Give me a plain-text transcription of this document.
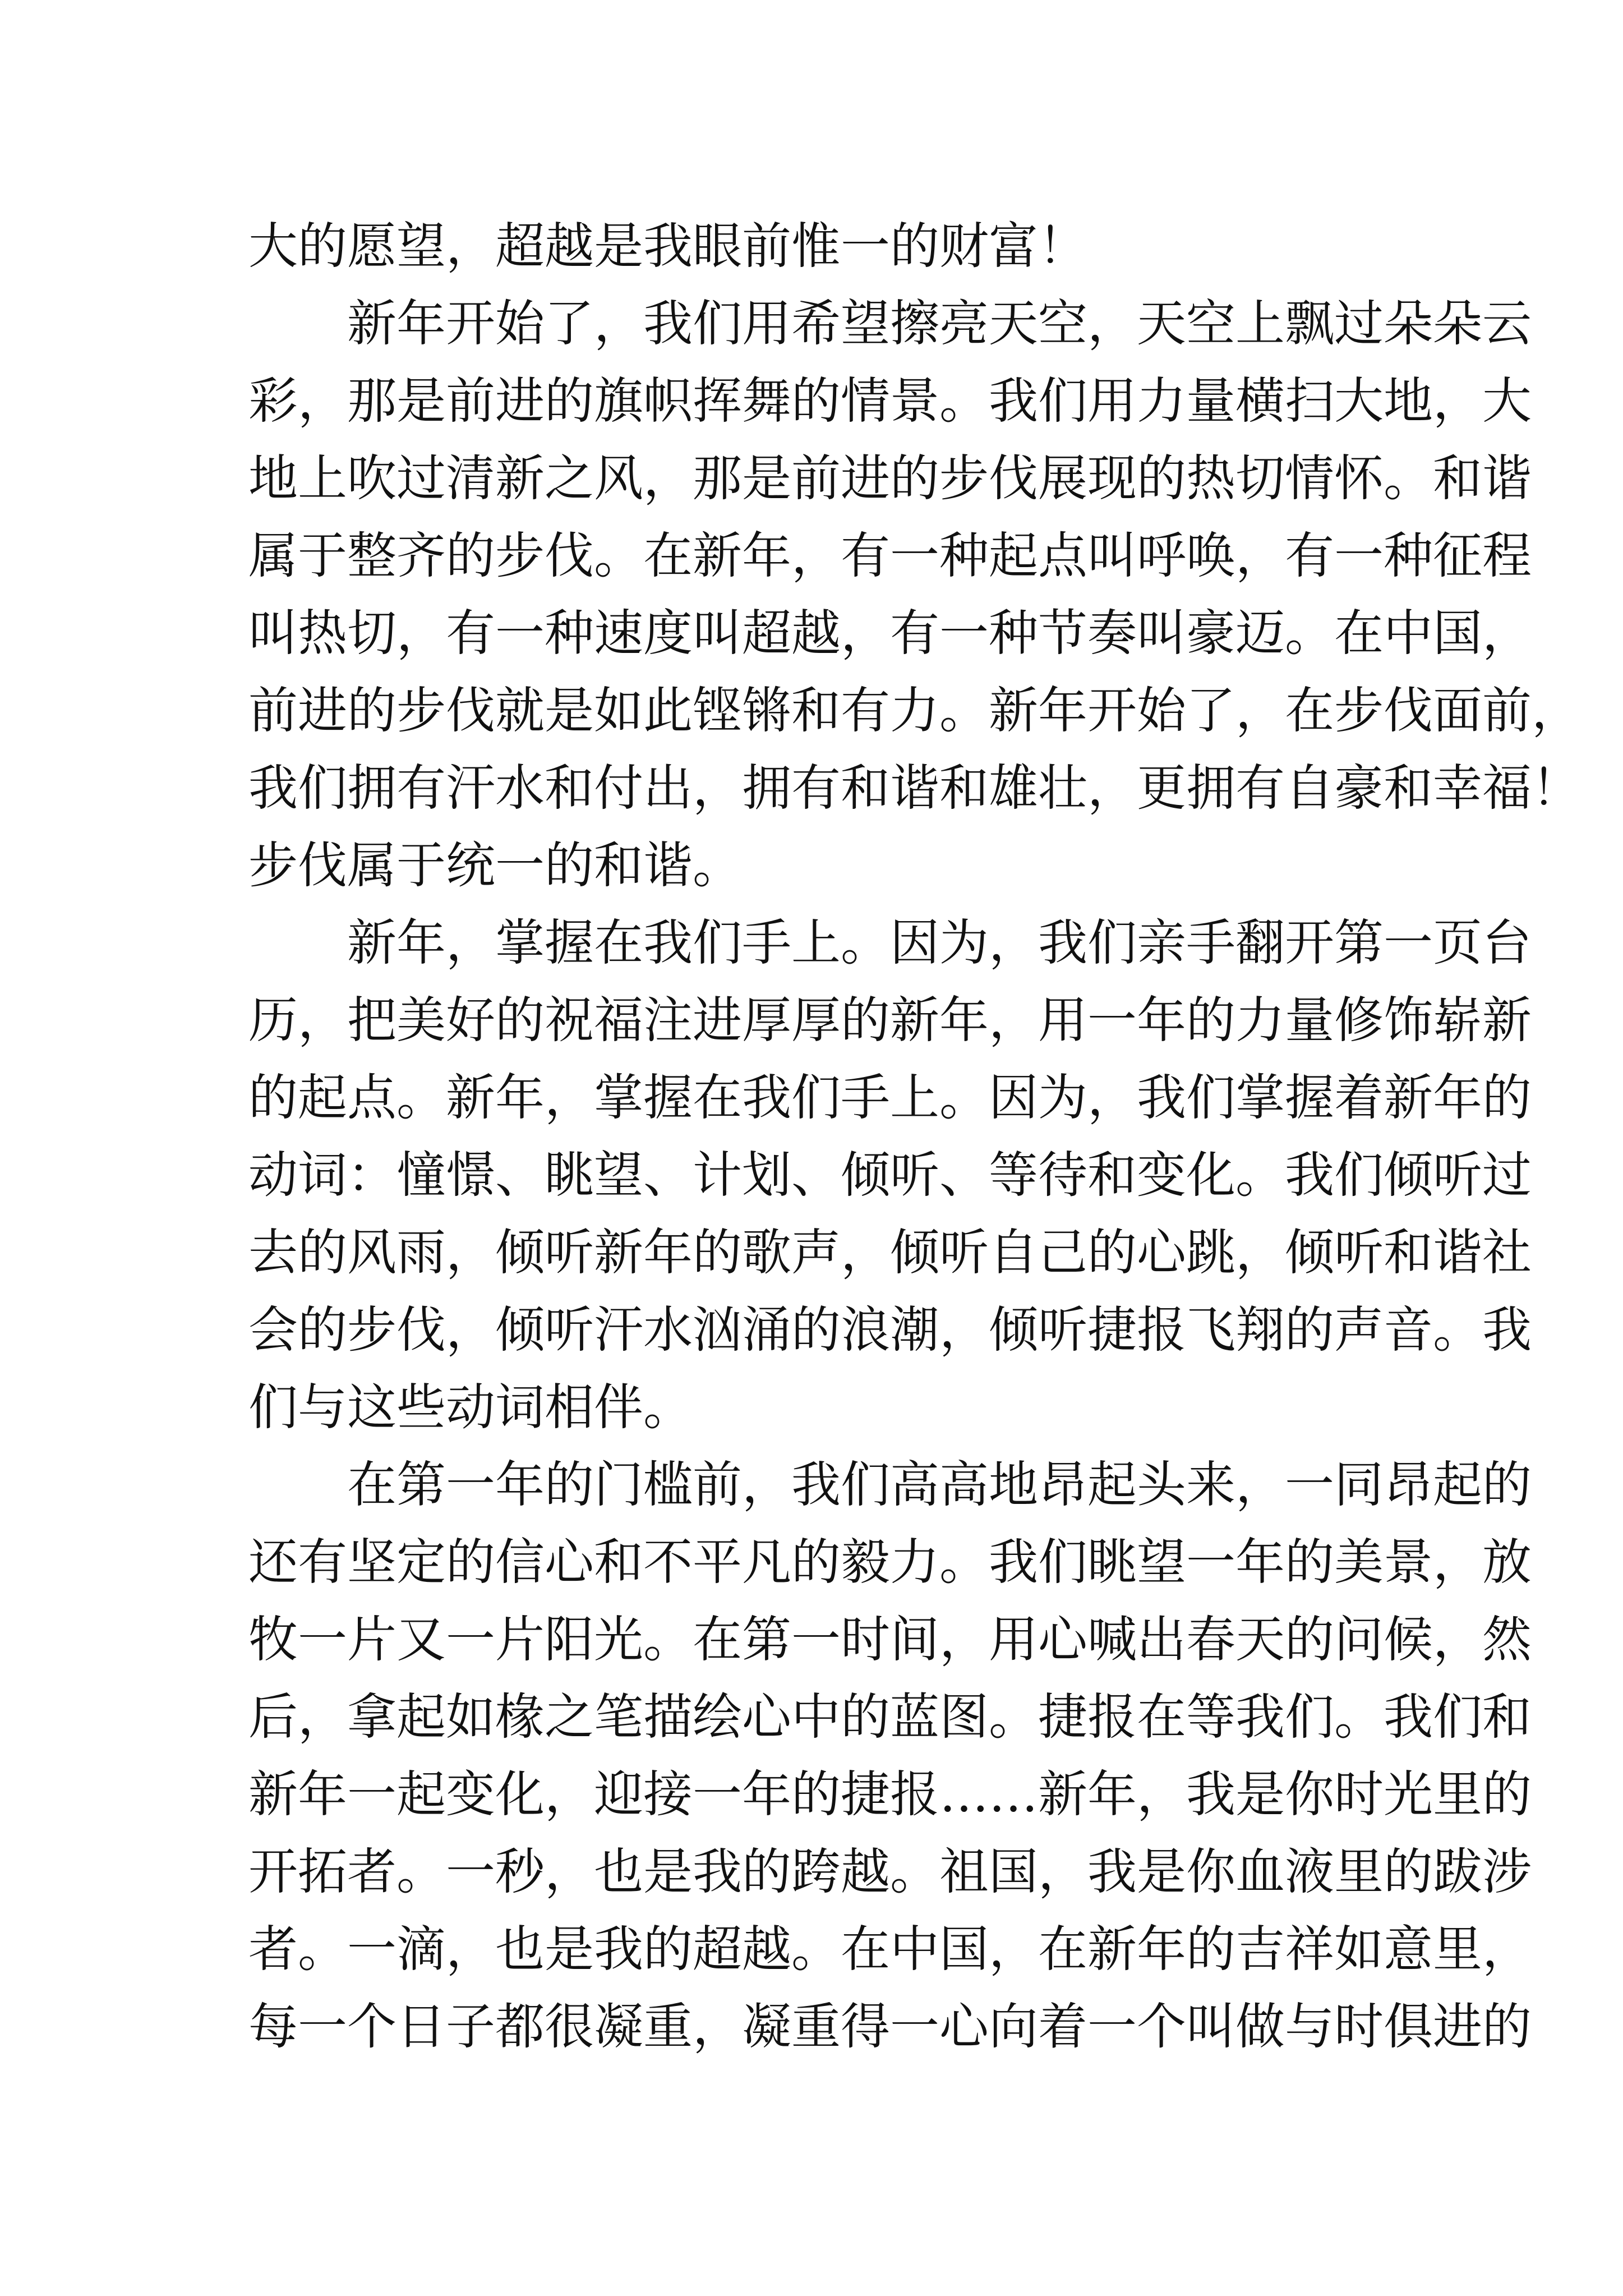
大的愿望，超越是我眼前惟一的财富！
　　新年开始了，我们用希望擦亮天空，天空上飘过朵朵云
彩，那是前进的旗帜挥舞的情景。我们用力量横扫大地，大
地上吹过清新之风，那是前进的步伐展现的热切情怀。和谐
属于整齐的步伐。在新年，有一种起点叫呼唤，有一种征程
叫热切，有一种速度叫超越，有一种节奏叫豪迈。在中国，
前进的步伐就是如此铿锵和有力。新年开始了，在步伐面前，
我们拥有汗水和付出，拥有和谐和雄壮，更拥有自豪和幸福！
步伐属于统一的和谐。
　　新年，掌握在我们手上。因为，我们亲手翻开第一页台
历，把美好的祝福注进厚厚的新年，用一年的力量修饰崭新
的起点。新年，掌握在我们手上。因为，我们掌握着新年的
动词：憧憬、眺望、计划、倾听、等待和变化。我们倾听过
去的风雨，倾听新年的歌声，倾听自己的心跳，倾听和谐社
会的步伐，倾听汗水汹涌的浪潮，倾听捷报飞翔的声音。我
们与这些动词相伴。
　　在第一年的门槛前，我们高高地昂起头来，一同昂起的
还有坚定的信心和不平凡的毅力。我们眺望一年的美景，放
牧一片又一片阳光。在第一时间，用心喊出春天的问候，然
后，拿起如椽之笔描绘心中的蓝图。捷报在等我们。我们和
新年一起变化，迎接一年的捷报……新年，我是你时光里的
开拓者。一秒，也是我的跨越。祖国，我是你血液里的跋涉
者。一滴，也是我的超越。在中国，在新年的吉祥如意里，
每一个日子都很凝重，凝重得一心向着一个叫做与时俱进的
